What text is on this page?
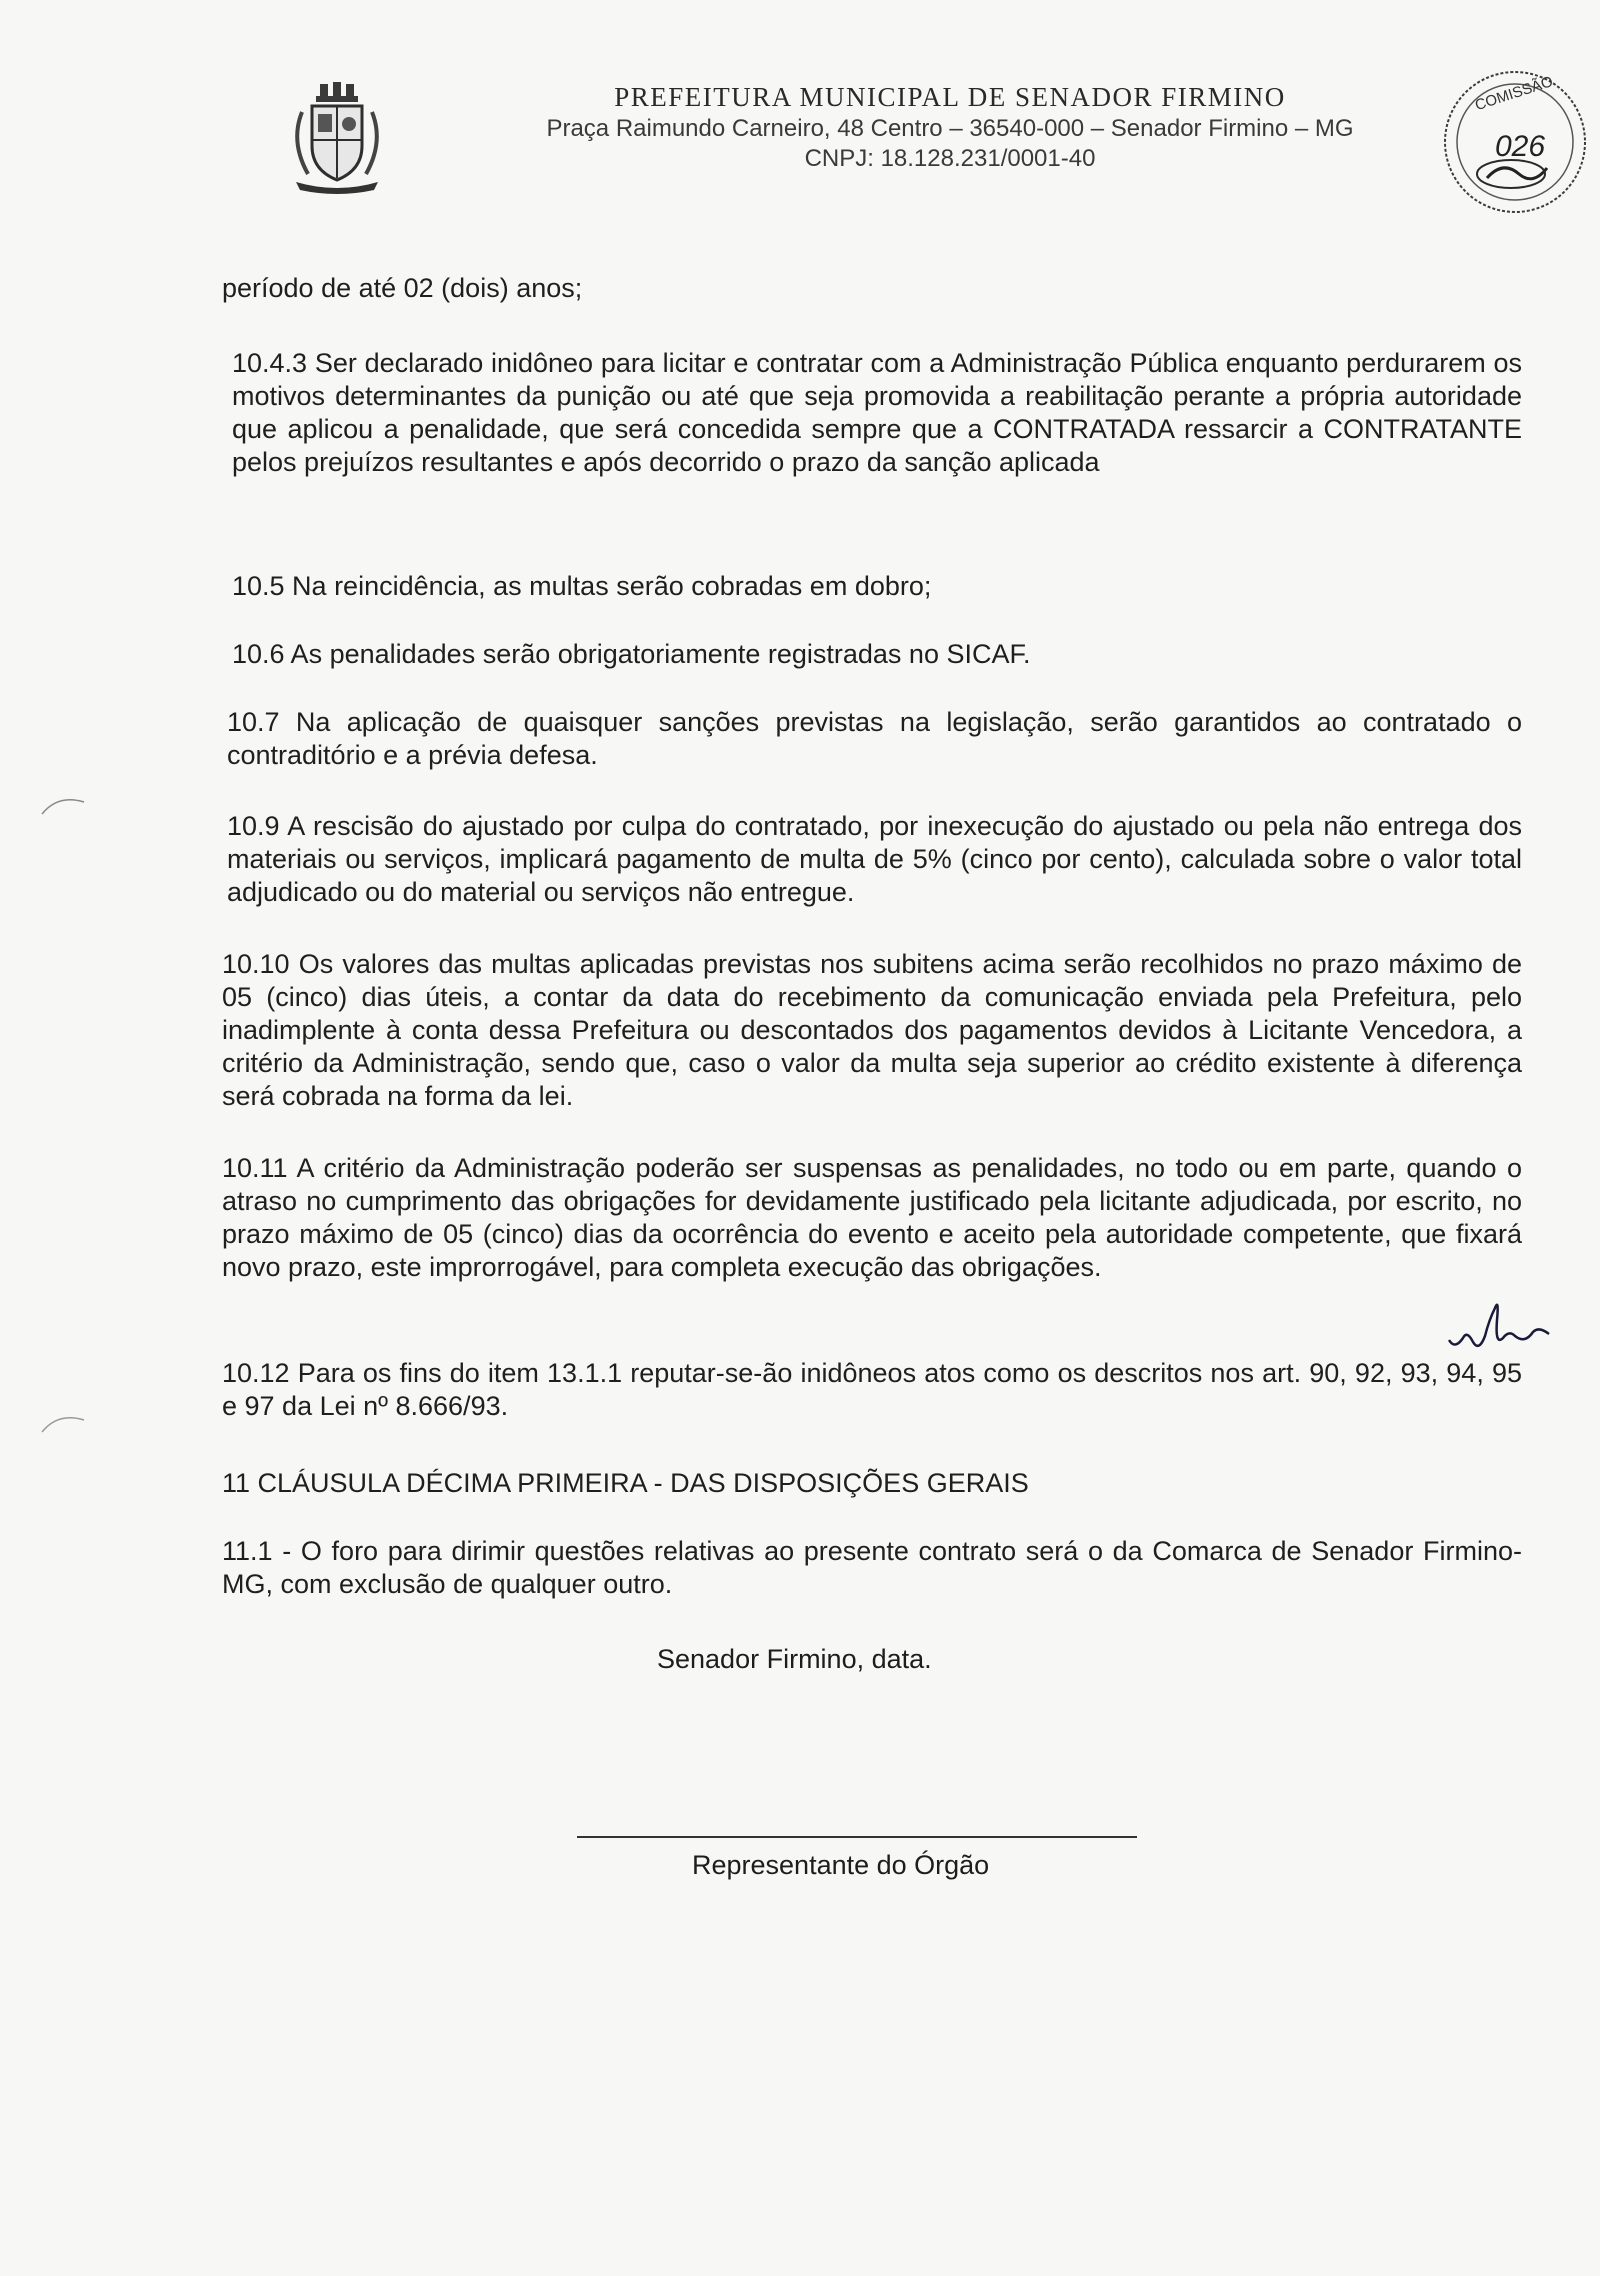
PREFEITURA MUNICIPAL DE SENADOR FIRMINO
Praça Raimundo Carneiro, 48 Centro – 36540-000 – Senador Firmino – MG
CNPJ: 18.128.231/0001-40
COMISSÃO
026

período de até 02 (dois) anos;

10.4.3 Ser declarado inidôneo para licitar e contratar com a Administração Pública enquanto perdurarem os motivos determinantes da punição ou até que seja promovida a reabilitação perante a própria autoridade que aplicou a penalidade, que será concedida sempre que a CONTRATADA ressarcir a CONTRATANTE pelos prejuízos resultantes e após decorrido o prazo da sanção aplicada

10.5 Na reincidência, as multas serão cobradas em dobro;

10.6 As penalidades serão obrigatoriamente registradas no SICAF.

10.7 Na aplicação de quaisquer sanções previstas na legislação, serão garantidos ao contratado o contraditório e a prévia defesa.

10.9 A rescisão do ajustado por culpa do contratado, por inexecução do ajustado ou pela não entrega dos materiais ou serviços, implicará pagamento de multa de 5% (cinco por cento), calculada sobre o valor total adjudicado ou do material ou serviços não entregue.

10.10 Os valores das multas aplicadas previstas nos subitens acima serão recolhidos no prazo máximo de 05 (cinco) dias úteis, a contar da data do recebimento da comunicação enviada pela Prefeitura, pelo inadimplente à conta dessa Prefeitura ou descontados dos pagamentos devidos à Licitante Vencedora, a critério da Administração, sendo que, caso o valor da multa seja superior ao crédito existente à diferença será cobrada na forma da lei.

10.11 A critério da Administração poderão ser suspensas as penalidades, no todo ou em parte, quando o atraso no cumprimento das obrigações for devidamente justificado pela licitante adjudicada, por escrito, no prazo máximo de 05 (cinco) dias da ocorrência do evento e aceito pela autoridade competente, que fixará novo prazo, este improrrogável, para completa execução das obrigações.

10.12 Para os fins do item 13.1.1 reputar-se-ão inidôneos atos como os descritos nos art. 90, 92, 93, 94, 95 e 97 da Lei nº 8.666/93.

11 CLÁUSULA DÉCIMA PRIMEIRA - DAS DISPOSIÇÕES GERAIS

11.1 - O foro para dirimir questões relativas ao presente contrato será o da Comarca de Senador Firmino-MG, com exclusão de qualquer outro.

Senador Firmino, data.
Representante do Órgão
